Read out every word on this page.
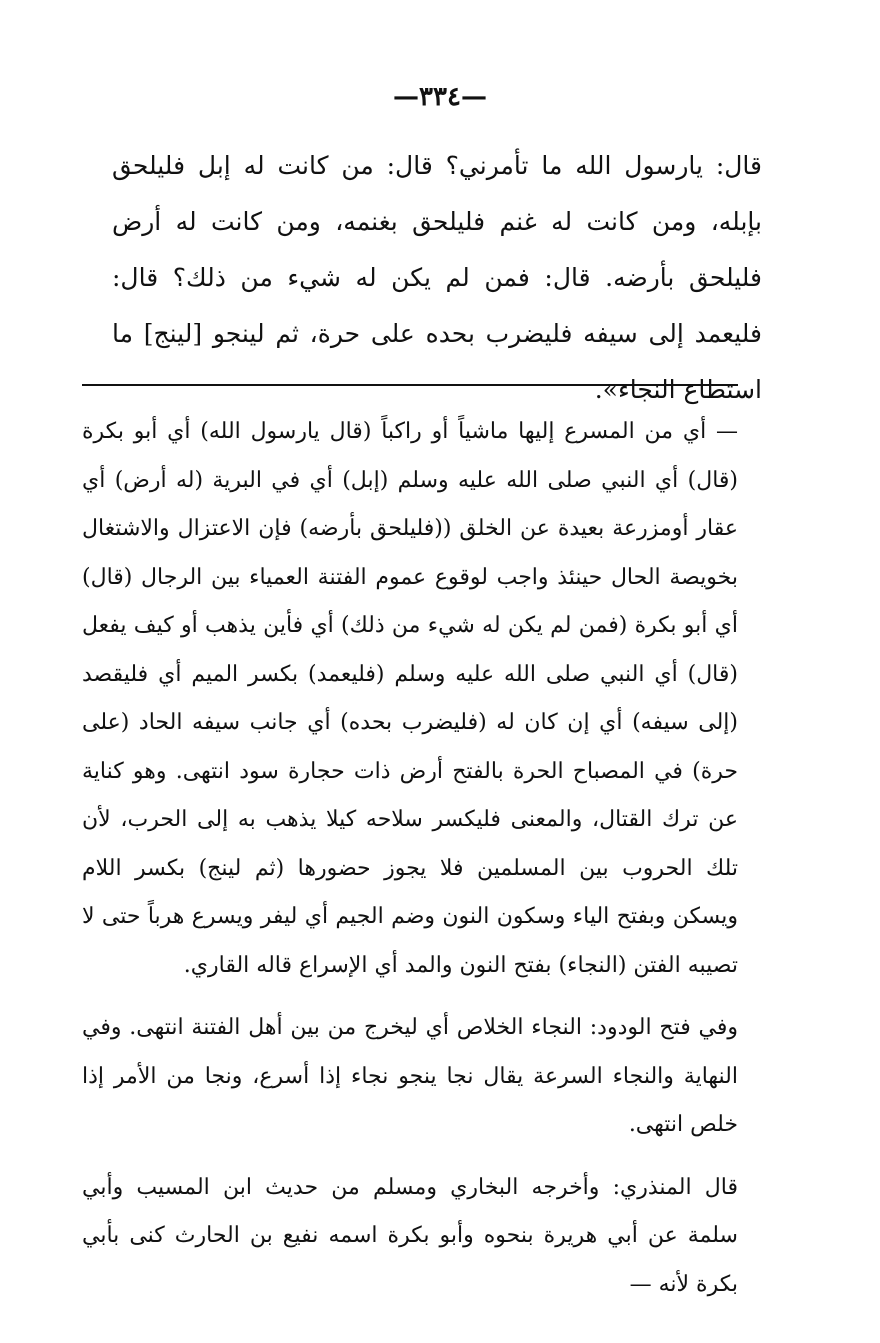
—٣٣٤—

قال: يارسول الله ما تأمرني؟ قال: من كانت له إبل فليلحق بإبله، ومن كانت له غنم فليلحق بغنمه، ومن كانت له أرض فليلحق بأرضه. قال: فمن لم يكن له شيء من ذلك؟ قال: فليعمد إلى سيفه فليضرب بحده على حرة، ثم لينجو [لينج] ما استطاع النجاء».

— أي من المسرع إليها ماشياً أو راكباً (قال يارسول الله) أي أبو بكرة (قال) أي النبي صلى الله عليه وسلم (إبل) أي في البرية (له أرض) أي عقار أومزرعة بعيدة عن الخلق ((فليلحق بأرضه) فإن الاعتزال والاشتغال بخويصة الحال حينئذ واجب لوقوع عموم الفتنة العمياء بين الرجال (قال) أي أبو بكرة (فمن لم يكن له شيء من ذلك) أي فأين يذهب أو كيف يفعل (قال) أي النبي صلى الله عليه وسلم (فليعمد) بكسر الميم أي فليقصد (إلى سيفه) أي إن كان له (فليضرب بحده) أي جانب سيفه الحاد (على حرة) في المصباح الحرة بالفتح أرض ذات حجارة سود انتهى. وهو كناية عن ترك القتال، والمعنى فليكسر سلاحه كيلا يذهب به إلى الحرب، لأن تلك الحروب بين المسلمين فلا يجوز حضورها (ثم لينج) بكسر اللام ويسكن وبفتح الياء وسكون النون وضم الجيم أي ليفر ويسرع هرباً حتى لا تصيبه الفتن (النجاء) بفتح النون والمد أي الإسراع قاله القاري.

وفي فتح الودود: النجاء الخلاص أي ليخرج من بين أهل الفتنة انتهى. وفي النهاية والنجاء السرعة يقال نجا ينجو نجاء إذا أسرع، ونجا من الأمر إذا خلص انتهى.

قال المنذري: وأخرجه البخاري ومسلم من حديث ابن المسيب وأبي سلمة عن أبي هريرة بنحوه وأبو بكرة اسمه نفيع بن الحارث كنى بأبي بكرة لأنه —
